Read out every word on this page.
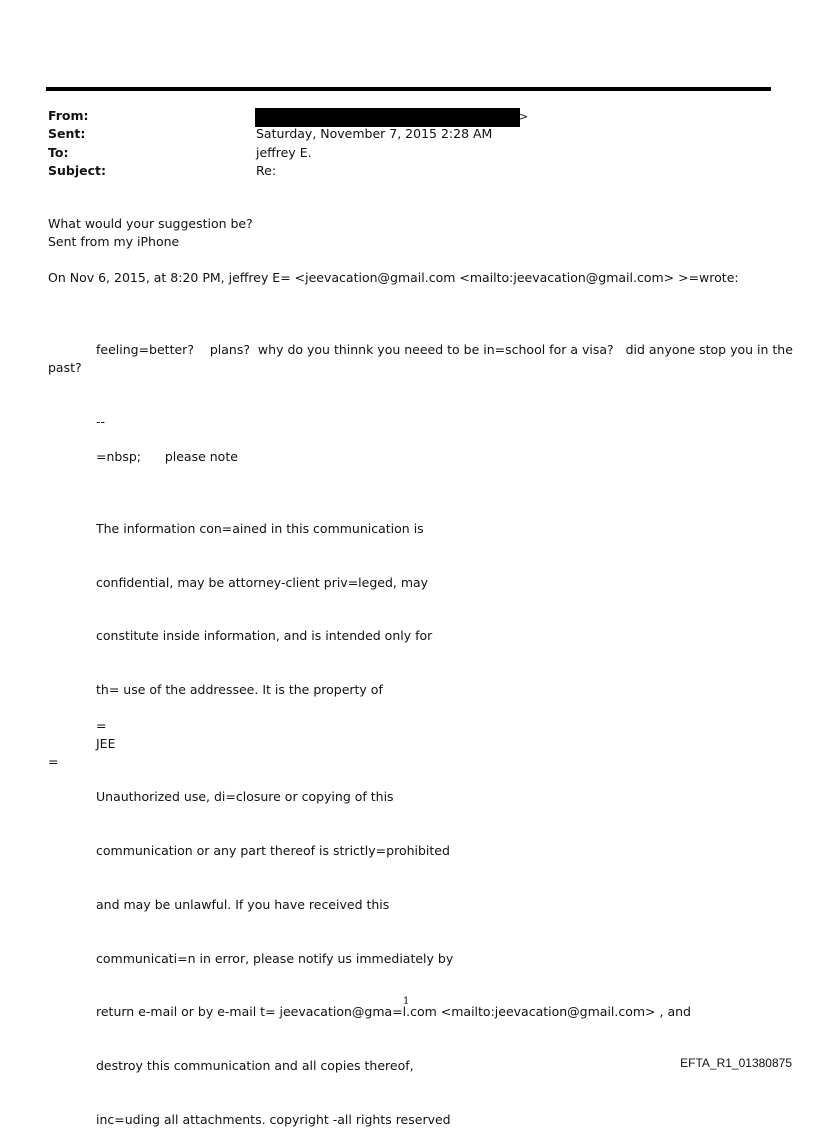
From:	>
Sent:	Saturday, November 7, 2015 2:28 AM
To:	jeffrey E.
Subject:	Re:
What would your suggestion be?
Sent from my iPhone
On Nov 6, 2015, at 8:20 PM, jeffrey E= <jeevacation@gmail.com <mailto:jeevacation@gmail.com> >=wrote:
feeling=better?    plans?  why do you thinnk you neeed to be in=school for a visa?   did anyone stop you in the
past?
--
=nbsp;      please note

The information con=ained in this communication is

confidential, may be attorney-client priv=leged, may

constitute inside information, and is intended only for

th= use of the addressee. It is the property of

JEE

Unauthorized use, di=closure or copying of this

communication or any part thereof is strictly=prohibited

and may be unlawful. If you have received this

communicati=n in error, please notify us immediately by

return e-mail or by e-mail t= jeevacation@gma=l.com <mailto:jeevacation@gmail.com> , and

destroy this communication and all copies thereof,

inc=uding all attachments. copyright -all rights reserved

=
=
1
EFTA_R1_01380875
